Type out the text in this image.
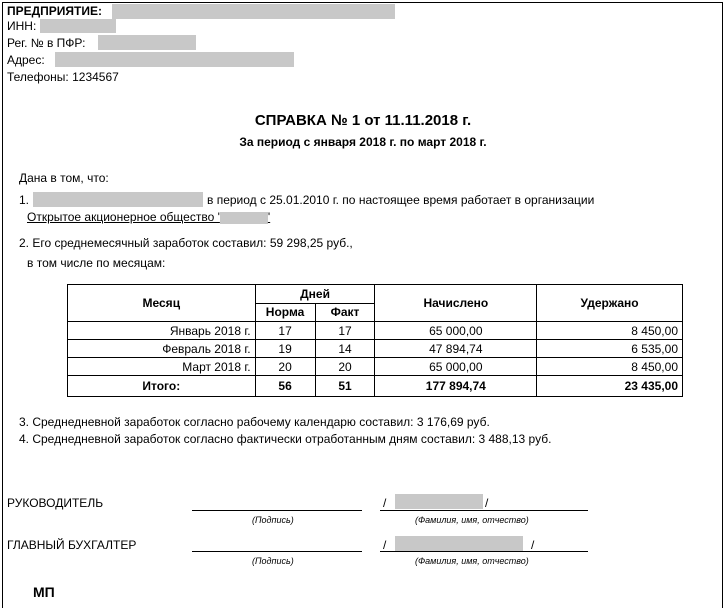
ПРЕДПРИЯТИЕ:
ИНН:
Рег. № в ПФР:
Адрес:
Телефоны: 1234567
СПРАВКА № 1 от 11.11.2018 г.
За период с января 2018 г. по март 2018 г.
Дана в том, что:
1.	в период с 25.01.2010 г. по настоящее время работает в организации
Открытое акционерное общество '	'
2. Его среднемесячный заработок составил: 59 298,25 руб.,
в том числе по месяцам:
Месяц	Дней		Начислено	Удержано
	Норма	Факт		
Январь 2018 г.	17	17	65 000,00	8 450,00
Февраль 2018 г.	19	14	47 894,74	6 535,00
Март 2018 г.	20	20	65 000,00	8 450,00
Итого:	56	51	177 894,74	23 435,00
3. Среднедневной заработок согласно рабочему календарю составил: 3 176,69 руб.
4. Среднедневной заработок согласно фактически отработанным дням составил: 3 488,13 руб.
РУКОВОДИТЕЛЬ
(Подпись)
/	/
(Фамилия, имя, отчество)
ГЛАВНЫЙ БУХГАЛТЕР
(Подпись)
/	/
(Фамилия, имя, отчество)
МП
